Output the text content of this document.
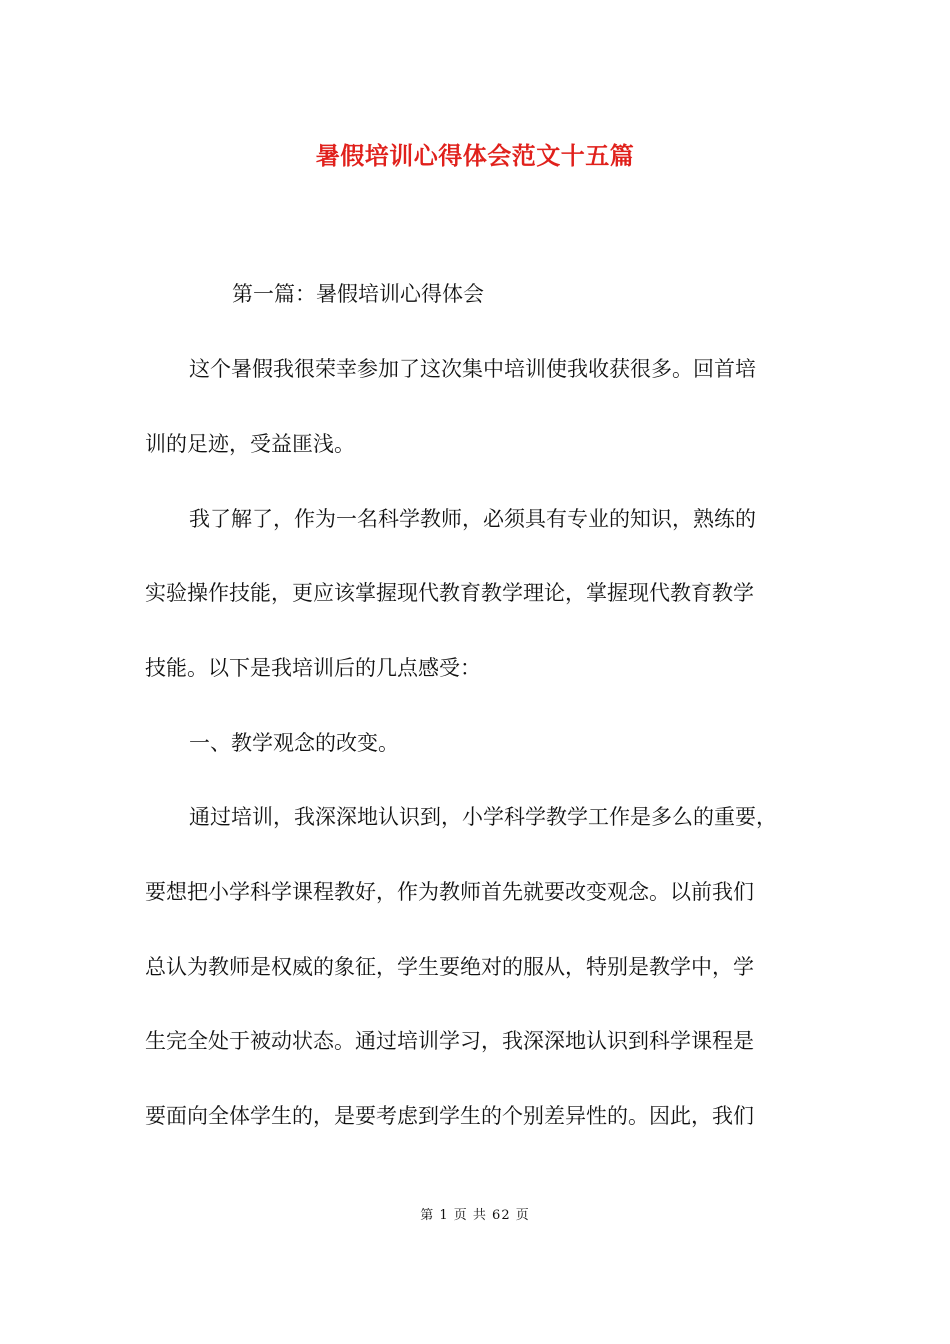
暑假培训心得体会范文十五篇
第一篇：暑假培训心得体会
这个暑假我很荣幸参加了这次集中培训使我收获很多。回首培
训的足迹，受益匪浅。
我了解了，作为一名科学教师，必须具有专业的知识，熟练的
实验操作技能，更应该掌握现代教育教学理论，掌握现代教育教学
技能。以下是我培训后的几点感受：
一、教学观念的改变。
通过培训，我深深地认识到，小学科学教学工作是多么的重要，
要想把小学科学课程教好，作为教师首先就要改变观念。以前我们
总认为教师是权威的象征，学生要绝对的服从，特别是教学中，学
生完全处于被动状态。通过培训学习，我深深地认识到科学课程是
要面向全体学生的，是要考虑到学生的个别差异性的。因此，我们
第 1 页 共 62 页
